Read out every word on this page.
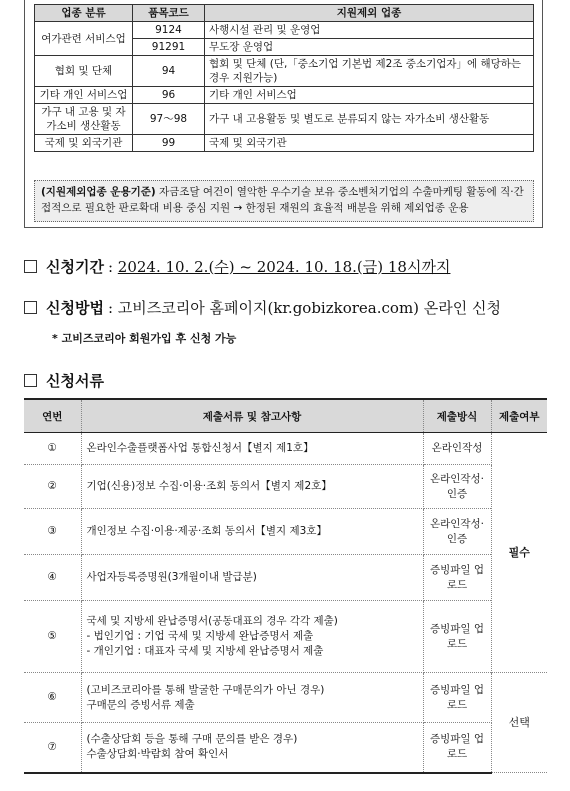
업종 분류	품목코드	지원제외 업종
여가관련 서비스업	9124	사행시설 관리 및 운영업
	91291	무도장 운영업
협회 및 단체	94	협회 및 단체 (단,「중소기업 기본법 제2조 중소기업자」에 해당하는 경우 지원가능)
기타 개인 서비스업	96	기타 개인 서비스업
가구 내 고용 및 자가소비 생산활동	97～98	가구 내 고용활동 및 별도로 분류되지 않는 자가소비 생산활동
국제 및 외국기관	99	국제 및 외국기관
(지원제외업종 운용기준) 자금조달 여건이 열악한 우수기술 보유 중소벤처기업의 수출마케팅 활동에 직·간접적으로 필요한 판로확대 비용 중심 지원 → 한정된 재원의 효율적 배분을 위해 제외업종 운용
신청기간 : 2024. 10. 2.(수) ~ 2024. 10. 18.(금) 18시까지
신청방법 : 고비즈코리아 홈페이지(kr.gobizkorea.com) 온라인 신청
* 고비즈코리아 회원가입 후 신청 가능
신청서류
연번	제출서류 및 참고사항	제출방식	제출여부
①	온라인수출플랫폼사업 통합신청서【별지 제1호】	온라인작성	필수
②	기업(신용)정보 수집·이용·조회 동의서【별지 제2호】	온라인작성· 인증	
③	개인정보 수집·이용·제공·조회 동의서【별지 제3호】	온라인작성· 인증	
④	사업자등록증명원(3개월이내 발급분)	증빙파일 업로드	
⑤	국세 및 지방세 완납증명서(공동대표의 경우 각각 제출)
- 법인기업 : 기업 국세 및 지방세 완납증명서 제출
- 개인기업 : 대표자 국세 및 지방세 완납증명서 제출	증빙파일 업로드	
⑥	(고비즈코리아를 통해 발굴한 구매문의가 아닌 경우)
구매문의 증빙서류 제출	증빙파일 업로드	선택
⑦	(수출상담회 등을 통해 구매 문의를 받은 경우)
수출상담회·박람회 참여 확인서	증빙파일 업로드	
